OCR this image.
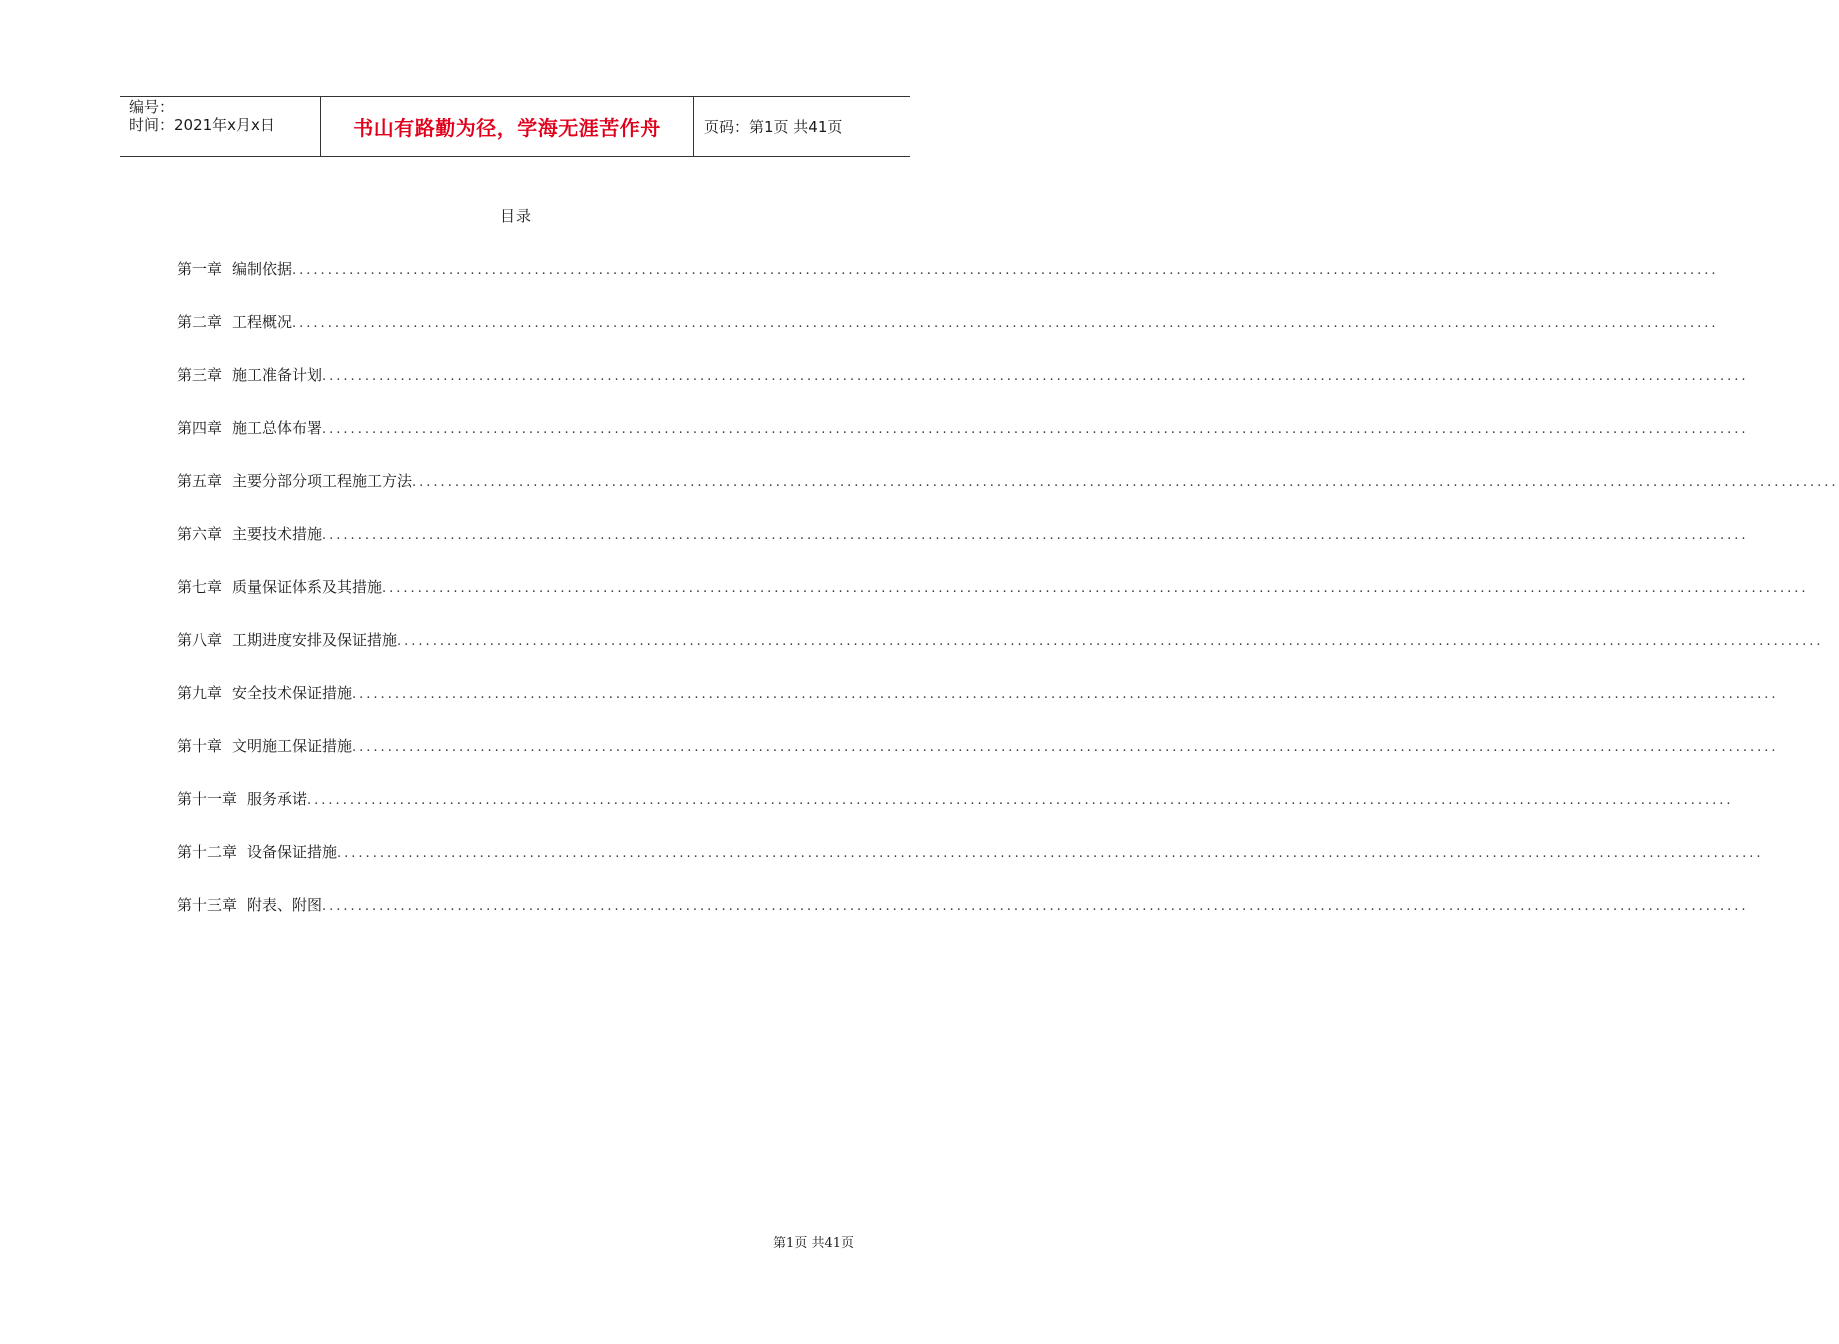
编号：
时间：2021年x月x日	书山有路勤为径，学海无涯苦作舟	页码：第1页 共41页
目录
第一章 编制依据 ........................................................................................................................................................................................................
第二章 工程概况 ........................................................................................................................................................................................................
第三章 施工准备计划 ........................................................................................................................................................................................................
第四章 施工总体布署 ........................................................................................................................................................................................................
第五章 主要分部分项工程施工方法 ........................................................................................................................................................................................................
第六章 主要技术措施 ........................................................................................................................................................................................................
第七章 质量保证体系及其措施 ........................................................................................................................................................................................................
第八章 工期进度安排及保证措施 ........................................................................................................................................................................................................
第九章 安全技术保证措施 ........................................................................................................................................................................................................
第十章 文明施工保证措施 ........................................................................................................................................................................................................
第十一章 服务承诺 ........................................................................................................................................................................................................
第十二章 设备保证措施 ........................................................................................................................................................................................................
第十三章 附表、附图 ........................................................................................................................................................................................................
第1页 共41页
